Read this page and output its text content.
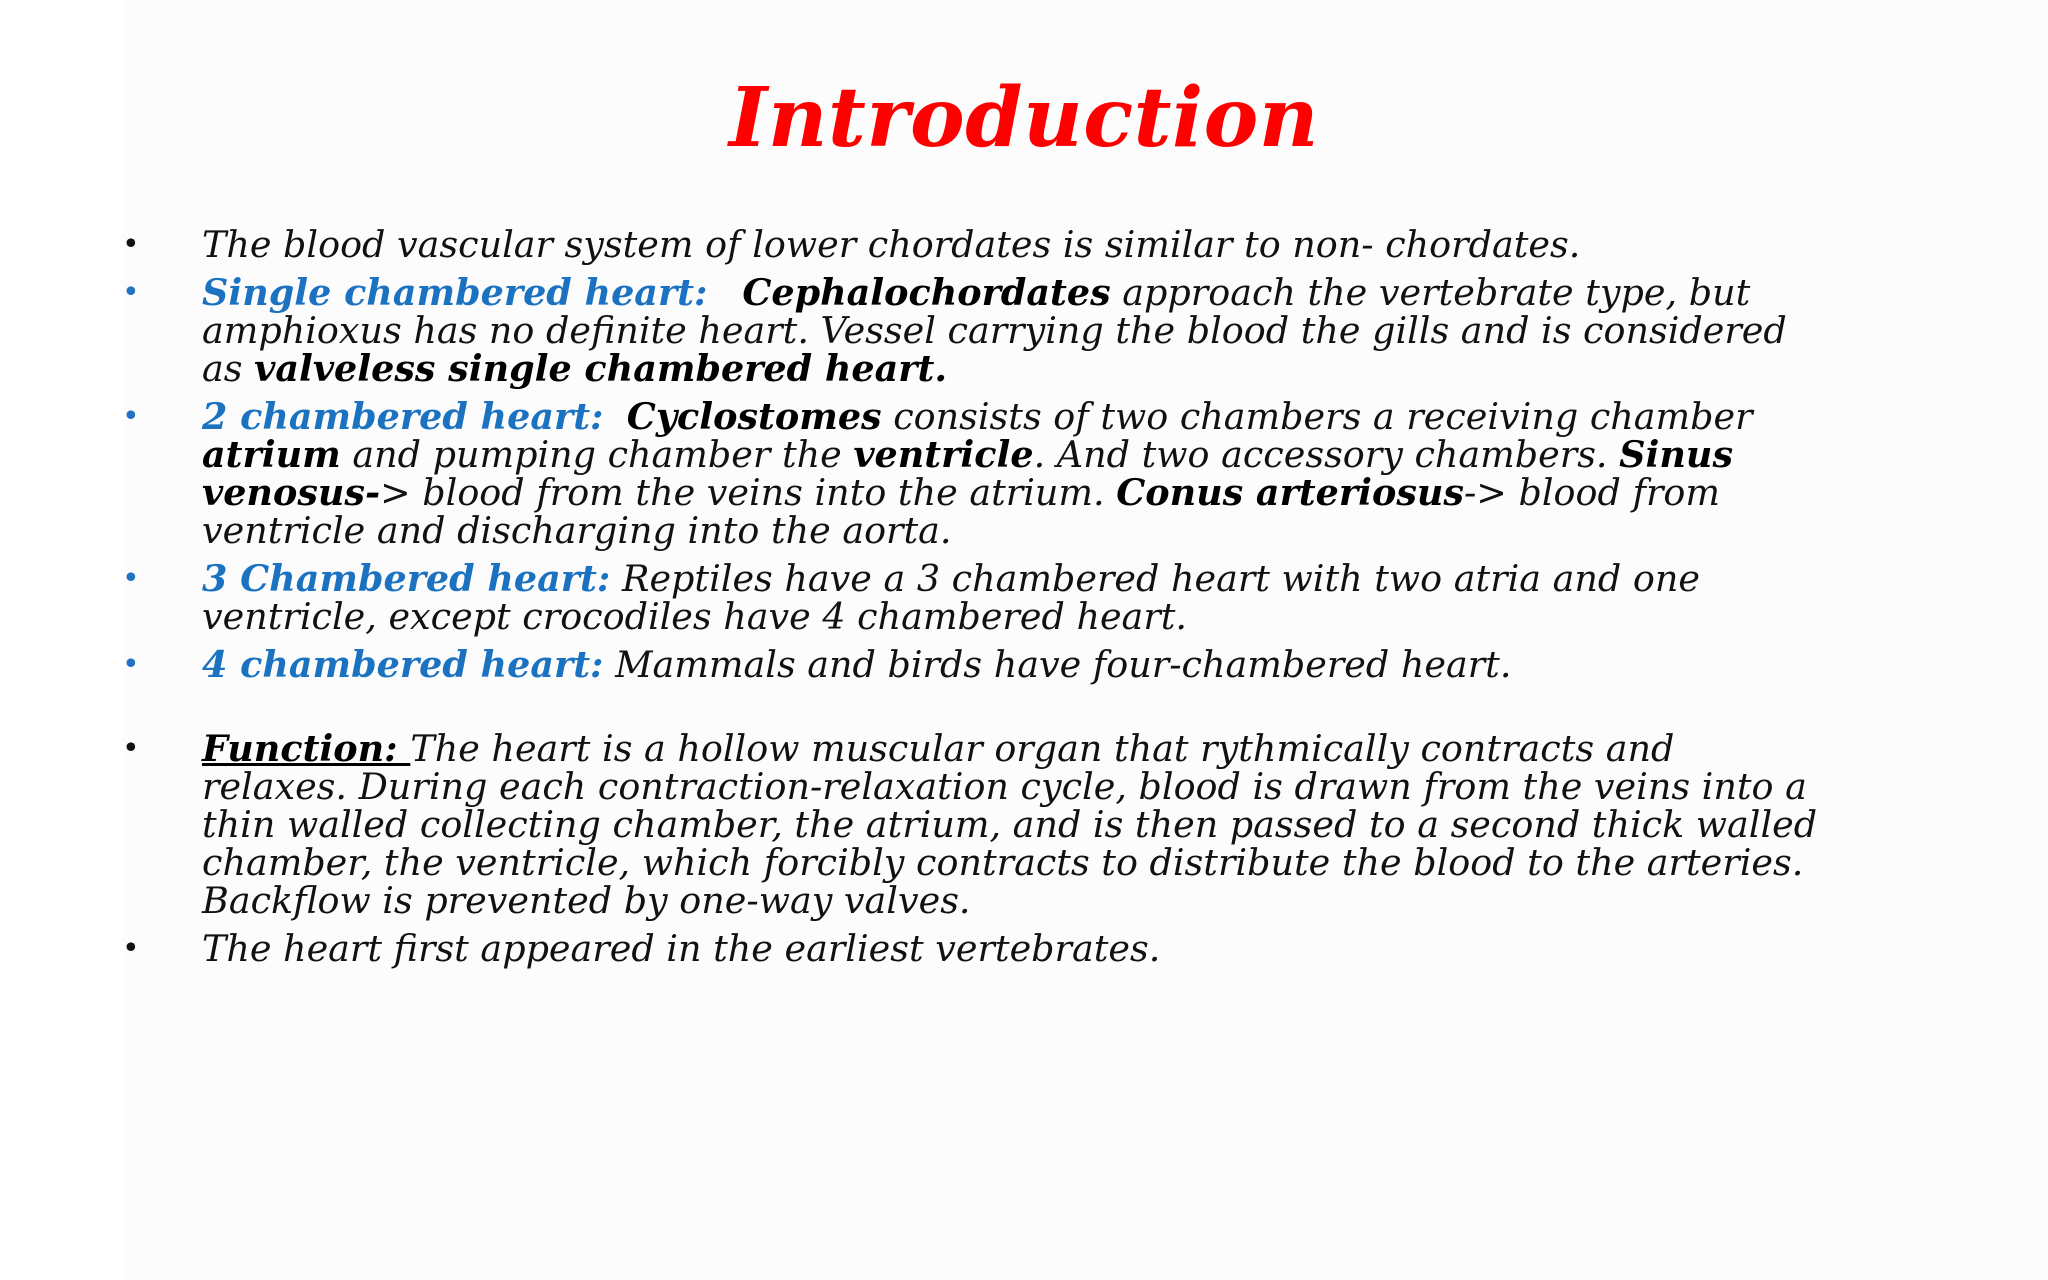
Introduction
•	The blood vascular system of lower chordates is similar to non- chordates.
•	Single chambered heart: Cephalochordates approach the vertebrate type, but
amphioxus has no definite heart. Vessel carrying the blood the gills and is considered
as valveless single chambered heart.
•	2 chambered heart: Cyclostomes consists of two chambers a receiving chamber
atrium and pumping chamber the ventricle. And two accessory chambers. Sinus
venosus-> blood from the veins into the atrium. Conus arteriosus-> blood from
ventricle and discharging into the aorta.
•	3 Chambered heart: Reptiles have a 3 chambered heart with two atria and one
ventricle, except crocodiles have 4 chambered heart.
•	4 chambered heart: Mammals and birds have four-chambered heart.
•	Function: The heart is a hollow muscular organ that rythmically contracts and
relaxes. During each contraction-relaxation cycle, blood is drawn from the veins into a
thin walled collecting chamber, the atrium, and is then passed to a second thick walled
chamber, the ventricle, which forcibly contracts to distribute the blood to the arteries.
Backflow is prevented by one-way valves.
•	The heart first appeared in the earliest vertebrates.
